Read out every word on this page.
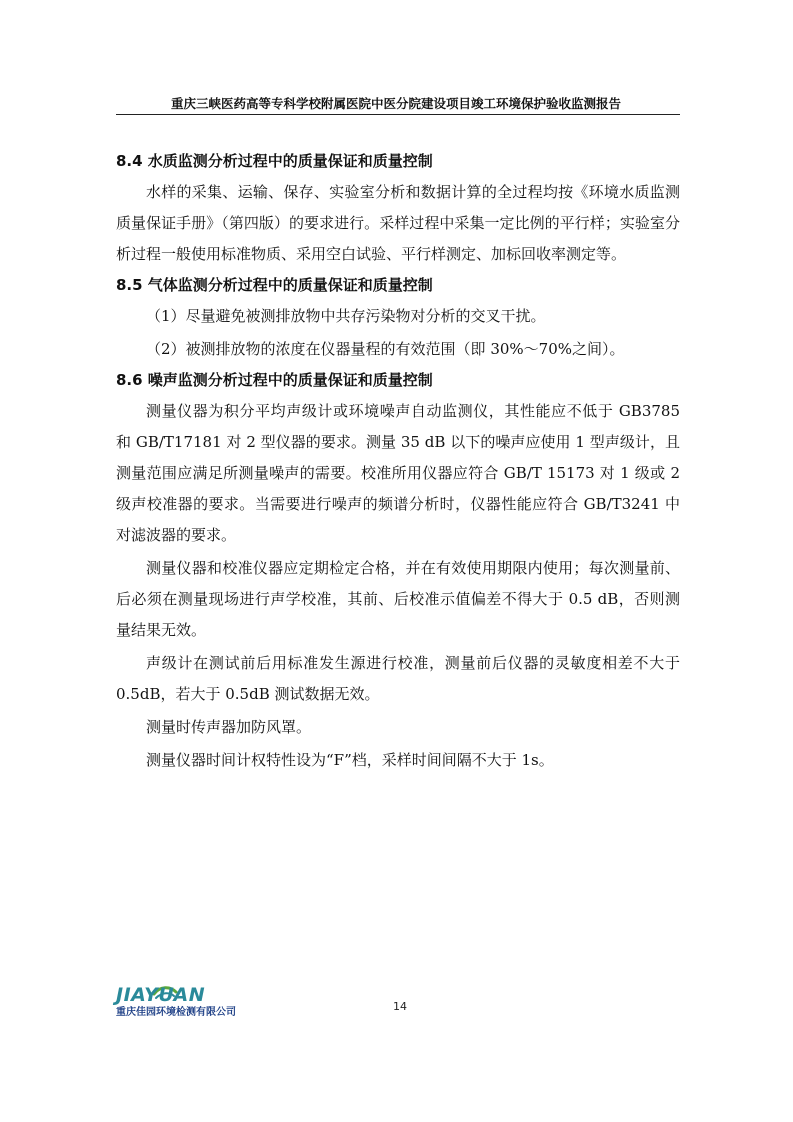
重庆三峡医药高等专科学校附属医院中医分院建设项目竣工环境保护验收监测报告

8.4 水质监测分析过程中的质量保证和质量控制

水样的采集、运输、保存、实验室分析和数据计算的全过程均按《环境水质监测质量保证手册》（第四版）的要求进行。采样过程中采集一定比例的平行样；实验室分析过程一般使用标准物质、采用空白试验、平行样测定、加标回收率测定等。

8.5 气体监测分析过程中的质量保证和质量控制

（1）尽量避免被测排放物中共存污染物对分析的交叉干扰。

（2）被测排放物的浓度在仪器量程的有效范围（即 30%～70%之间）。

8.6 噪声监测分析过程中的质量保证和质量控制

测量仪器为积分平均声级计或环境噪声自动监测仪，其性能应不低于 GB3785 和 GB/T17181 对 2 型仪器的要求。测量 35 dB 以下的噪声应使用 1 型声级计，且测量范围应满足所测量噪声的需要。校准所用仪器应符合 GB/T 15173 对 1 级或 2 级声校准器的要求。当需要进行噪声的频谱分析时，仪器性能应符合 GB/T3241 中对滤波器的要求。

测量仪器和校准仪器应定期检定合格，并在有效使用期限内使用；每次测量前、后必须在测量现场进行声学校准，其前、后校准示值偏差不得大于 0.5 dB，否则测量结果无效。

声级计在测试前后用标准发生源进行校准，测量前后仪器的灵敏度相差不大于 0.5dB，若大于 0.5dB 测试数据无效。

测量时传声器加防风罩。

测量仪器时间计权特性设为“F”档，采样时间间隔不大于 1s。

JIAYUAN
重庆佳园环境检测有限公司	14
